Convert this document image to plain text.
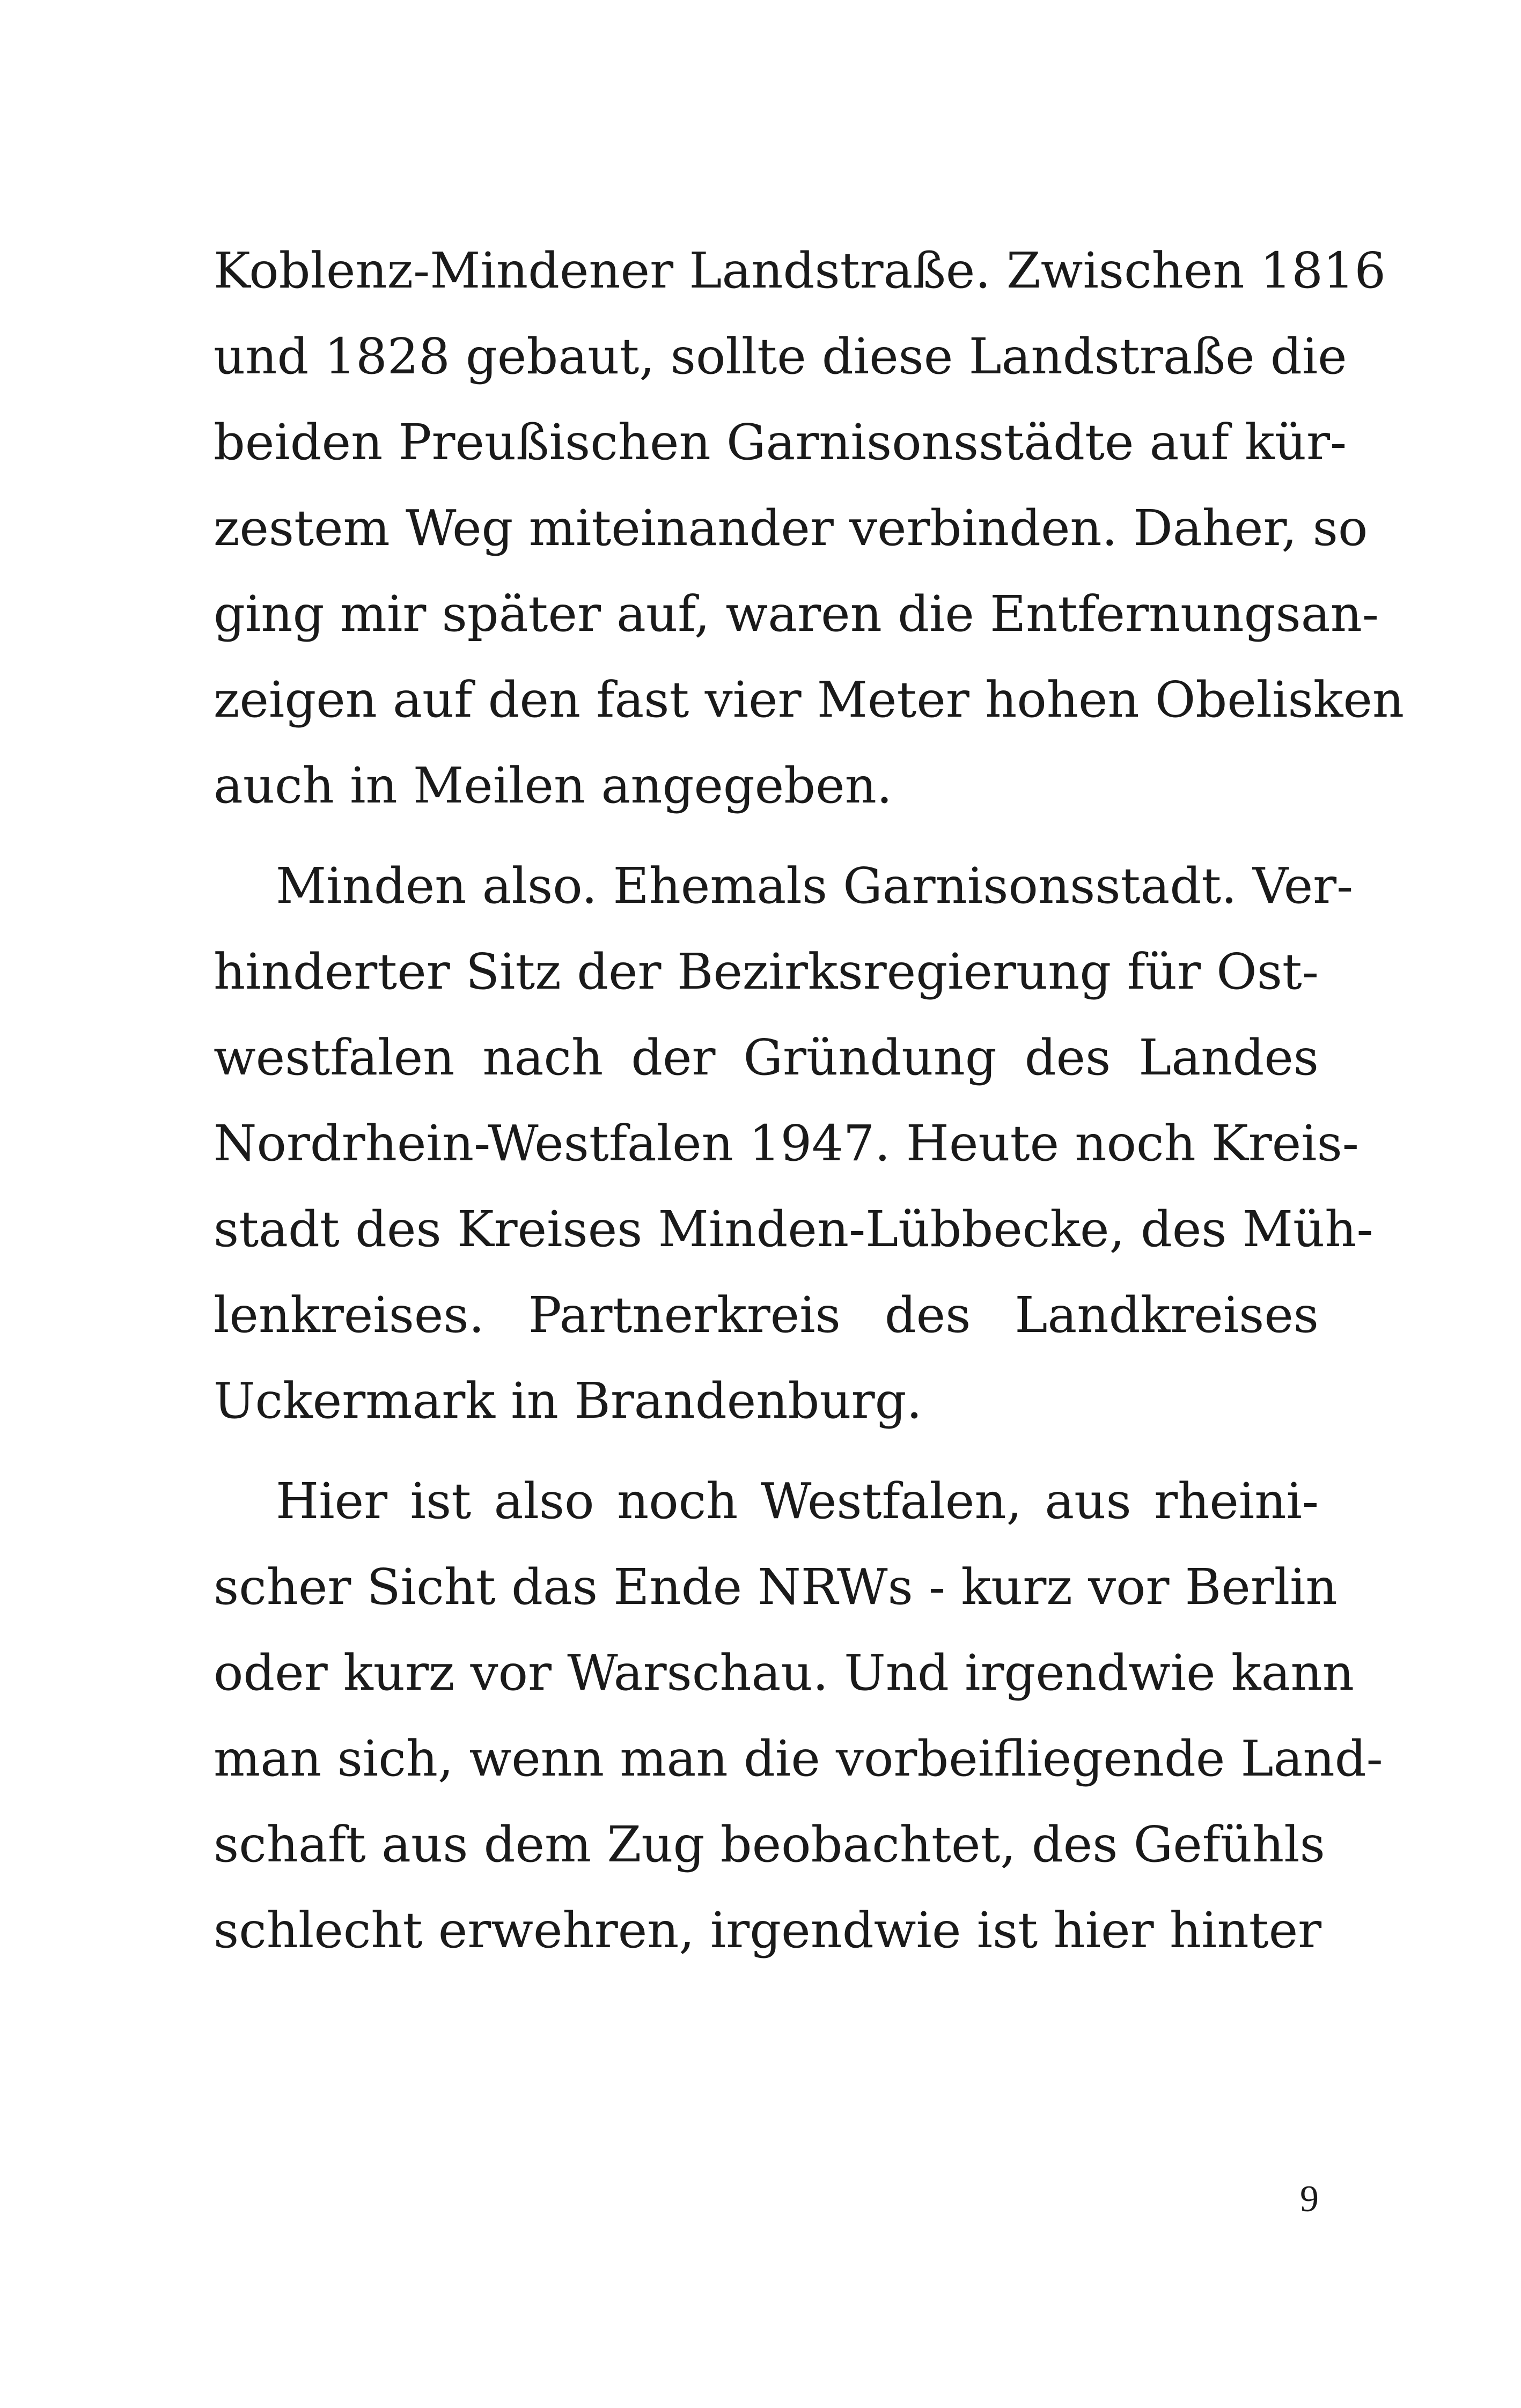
Koblenz-Mindener Landstraße. Zwischen 1816
und 1828 gebaut, sollte diese Landstraße die
beiden Preußischen Garnisonsstädte auf kür-
zestem Weg miteinander verbinden. Daher, so
ging mir später auf, waren die Entfernungsan-
zeigen auf den fast vier Meter hohen Obelisken
auch in Meilen angegeben.
Minden also. Ehemals Garnisonsstadt. Ver-
hinderter Sitz der Bezirksregierung für Ost-
westfalen nach der Gründung des Landes
Nordrhein-Westfalen 1947. Heute noch Kreis-
stadt des Kreises Minden-Lübbecke, des Müh-
lenkreises. Partnerkreis des Landkreises
Uckermark in Brandenburg.
Hier ist also noch Westfalen, aus rheini-
scher Sicht das Ende NRWs - kurz vor Berlin
oder kurz vor Warschau. Und irgendwie kann
man sich, wenn man die vorbeifliegende Land-
schaft aus dem Zug beobachtet, des Gefühls
schlecht erwehren, irgendwie ist hier hinter
9
